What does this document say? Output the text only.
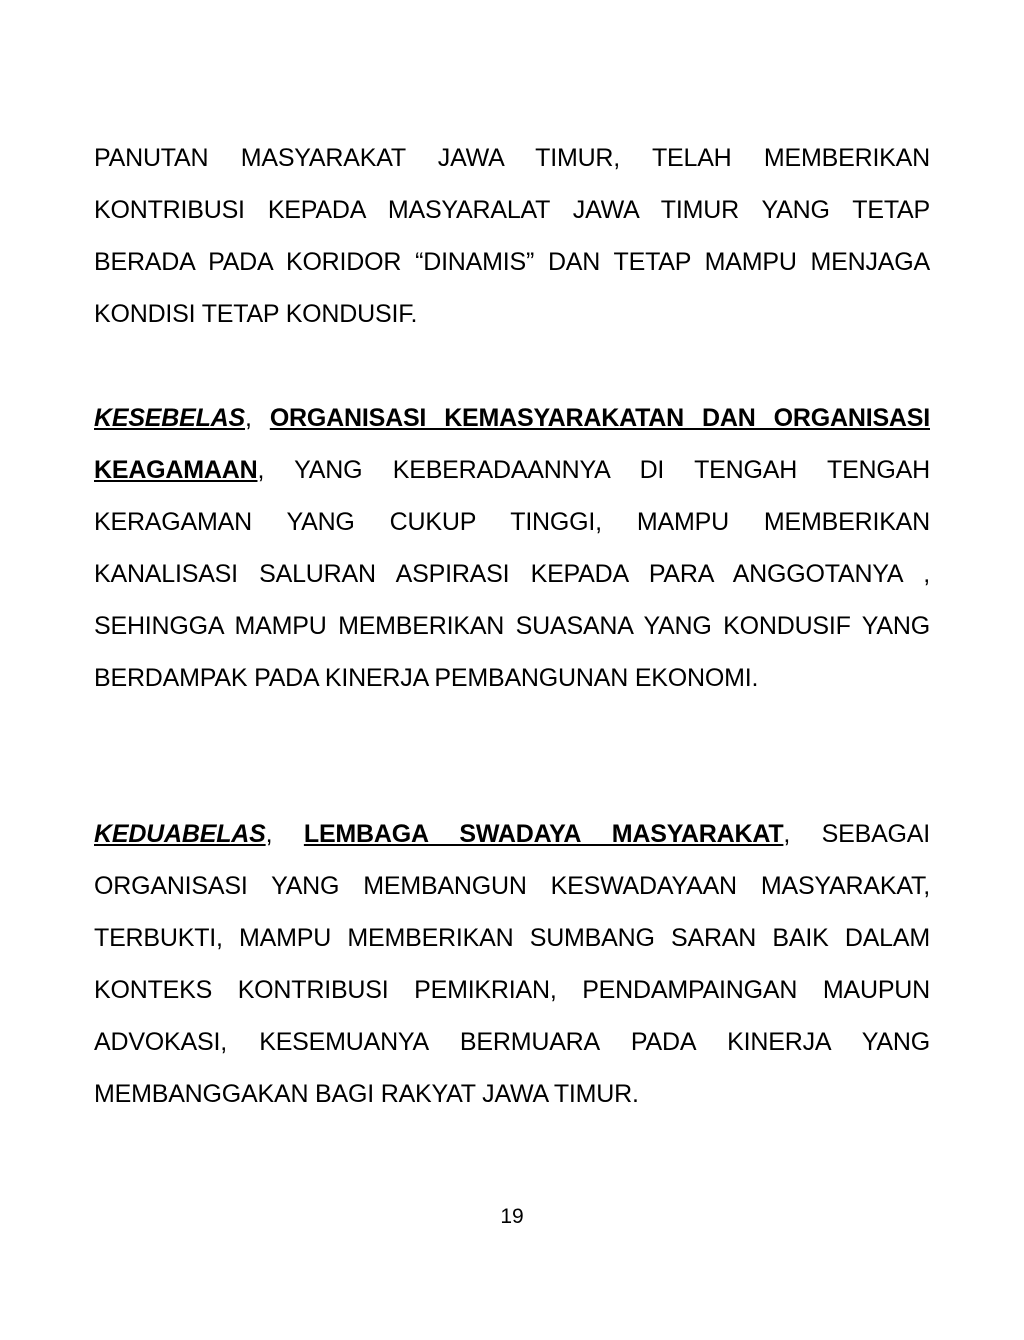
PANUTAN MASYARAKAT JAWA TIMUR, TELAH MEMBERIKAN KONTRIBUSI KEPADA MASYARALAT JAWA TIMUR YANG TETAP BERADA PADA KORIDOR “DINAMIS” DAN TETAP MAMPU MENJAGA KONDISI TETAP KONDUSIF.

KESEBELAS, ORGANISASI KEMASYARAKATAN DAN ORGANISASI KEAGAMAAN, YANG KEBERADAANNYA DI TENGAH TENGAH KERAGAMAN YANG CUKUP TINGGI, MAMPU MEMBERIKAN KANALISASI SALURAN ASPIRASI KEPADA PARA ANGGOTANYA , SEHINGGA MAMPU MEMBERIKAN SUASANA YANG KONDUSIF YANG BERDAMPAK PADA KINERJA PEMBANGUNAN EKONOMI.

KEDUABELAS, LEMBAGA SWADAYA MASYARAKAT, SEBAGAI ORGANISASI YANG MEMBANGUN KESWADAYAAN MASYARAKAT, TERBUKTI, MAMPU MEMBERIKAN SUMBANG SARAN BAIK DALAM KONTEKS KONTRIBUSI PEMIKRIAN, PENDAMPAINGAN MAUPUN ADVOKASI, KESEMUANYA BERMUARA PADA KINERJA YANG MEMBANGGAKAN BAGI RAKYAT JAWA TIMUR.

19
